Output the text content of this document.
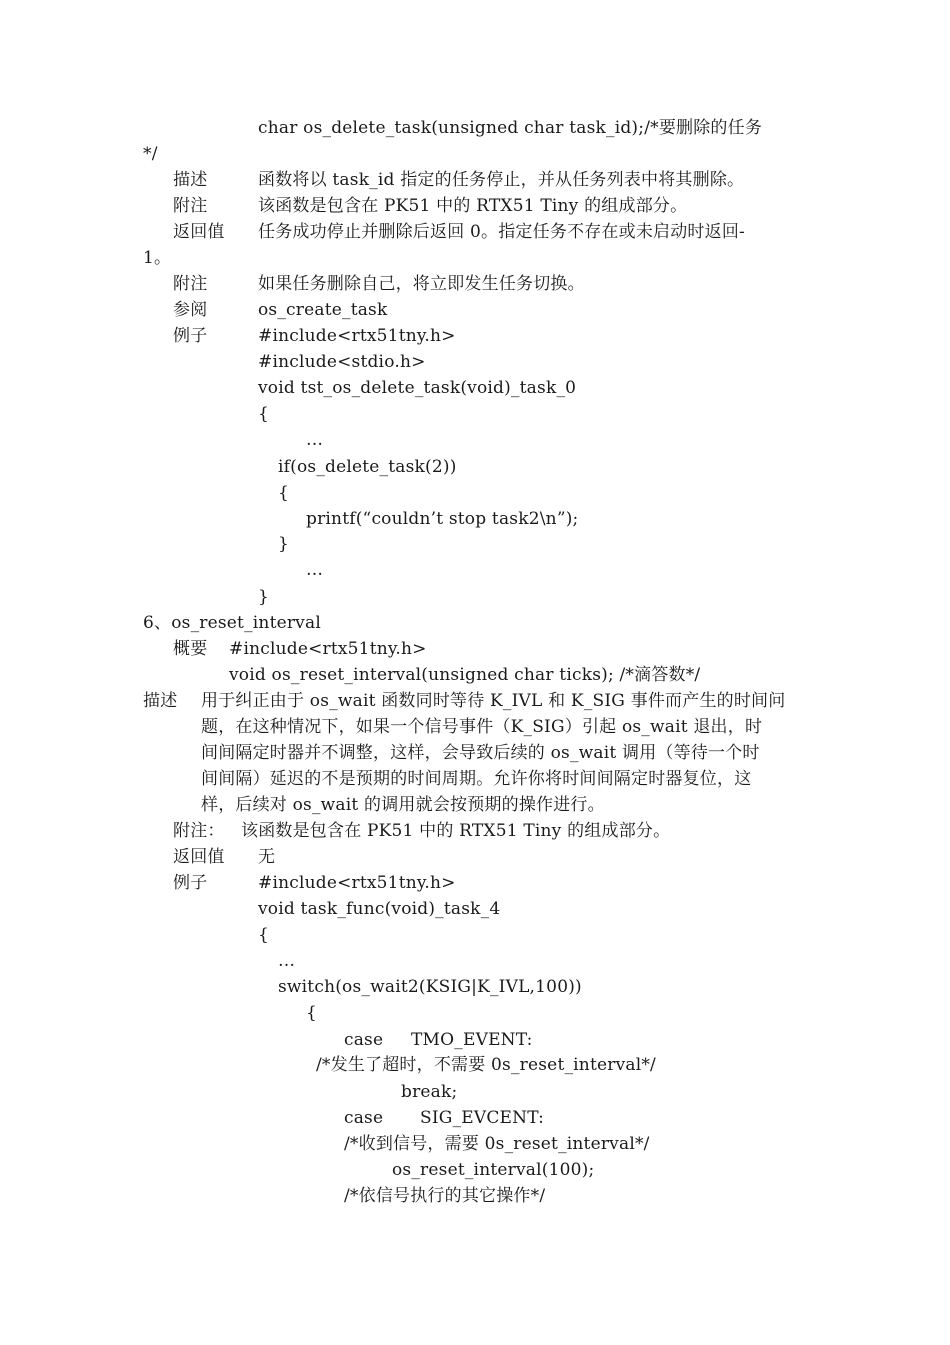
char os_delete_task(unsigned char task_id);/*要删除的任务
*/
描述	函数将以 task_id 指定的任务停止，并从任务列表中将其删除。
附注	该函数是包含在 PK51 中的 RTX51 Tiny 的组成部分。
返回值 任务成功停止并删除后返回 0。指定任务不存在或未启动时返回-
1。
附注	如果任务删除自己，将立即发生任务切换。
参阅	os_create_task
例子	#include<rtx51tny.h>
#include<stdio.h>
void tst_os_delete_task(void)_task_0
{
…
if(os_delete_task(2))
{
printf(“couldn’t stop task2\n”);
}
…
}
6、os_reset_interval
概要 #include<rtx51tny.h>
void os_reset_interval(unsigned char ticks); /*滴答数*/
描述 用于纠正由于 os_wait 函数同时等待 K_IVL 和 K_SIG 事件而产生的时间问
题，在这种情况下，如果一个信号事件（K_SIG）引起 os_wait 退出，时
间间隔定时器并不调整，这样，会导致后续的 os_wait 调用（等待一个时
间间隔）延迟的不是预期的时间周期。允许你将时间间隔定时器复位，这
样，后续对 os_wait 的调用就会按预期的操作进行。
附注： 该函数是包含在 PK51 中的 RTX51 Tiny 的组成部分。
返回值 无
例子	#include<rtx51tny.h>
void task_func(void)_task_4
{
…
switch(os_wait2(KSIG|K_IVL,100))
{
case TMO_EVENT:
/*发生了超时，不需要 0s_reset_interval*/
break;
case SIG_EVCENT:
/*收到信号，需要 0s_reset_interval*/
os_reset_interval(100);
/*依信号执行的其它操作*/
